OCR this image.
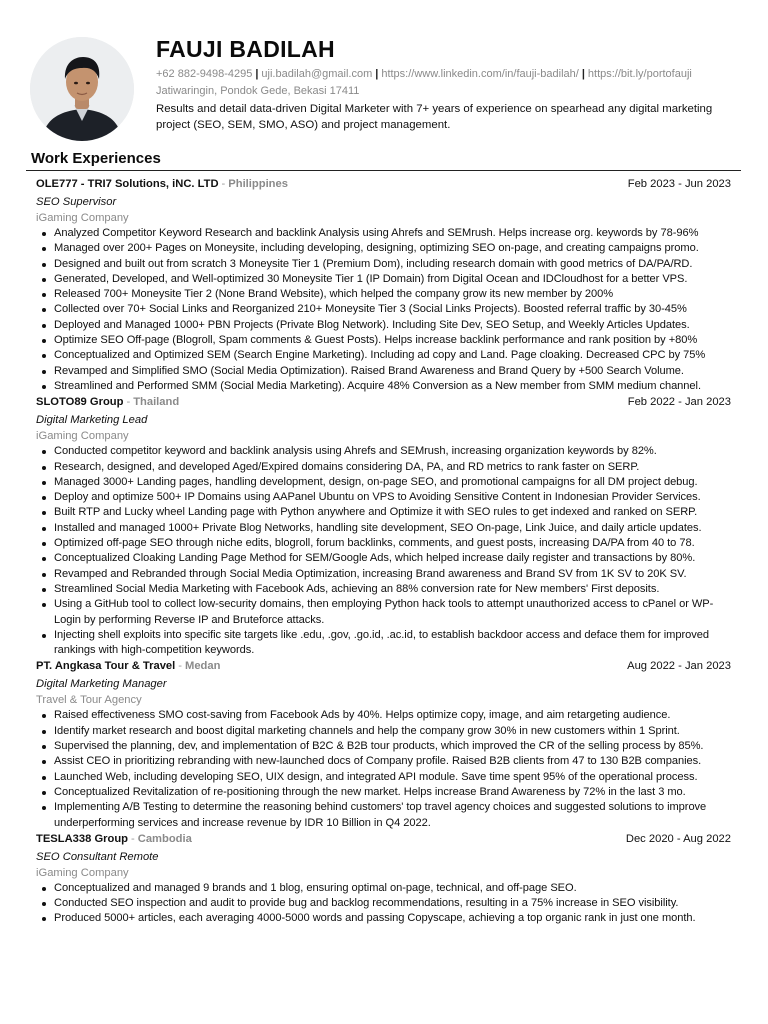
FAUJI BADILAH
+62 882-9498-4295 | uji.badilah@gmail.com | https://www.linkedin.com/in/fauji-badilah/ | https://bit.ly/portofauji
Jatiwaringin, Pondok Gede, Bekasi 17411
Results and detail data-driven Digital Marketer with 7+ years of experience on spearhead any digital marketing project (SEO, SEM, SMO, ASO) and project management.
Work Experiences
OLE777 - TRI7 Solutions, iNC. LTD - Philippines	Feb 2023 - Jun 2023
SEO Supervisor
iGaming Company
Analyzed Competitor Keyword Research and backlink Analysis using Ahrefs and SEMrush. Helps increase org. keywords by 78-96%
Managed over 200+ Pages on Moneysite, including developing, designing, optimizing SEO on-page, and creating campaigns promo.
Designed and built out from scratch 3 Moneysite Tier 1 (Premium Dom), including research domain with good metrics of DA/PA/RD.
Generated, Developed, and Well-optimized 30 Moneysite Tier 1 (IP Domain) from Digital Ocean and IDCloudhost for a better VPS.
Released 700+ Moneysite Tier 2 (None Brand Website), which helped the company grow its new member by 200%
Collected over 70+ Social Links and Reorganized 210+ Moneysite Tier 3 (Social Links Projects). Boosted referral traffic by 30-45%
Deployed and Managed 1000+ PBN Projects (Private Blog Network). Including Site Dev, SEO Setup, and Weekly Articles Updates.
Optimize SEO Off-page (Blogroll, Spam comments & Guest Posts). Helps increase backlink performance and rank position by +80%
Conceptualized and Optimized SEM (Search Engine Marketing). Including ad copy and Land. Page cloaking. Decreased CPC by 75%
Revamped and Simplified SMO (Social Media Optimization). Raised Brand Awareness and Brand Query by +500 Search Volume.
Streamlined and Performed SMM (Social Media Marketing). Acquire 48% Conversion as a New member from SMM medium channel.
SLOTO89 Group - Thailand	Feb 2022 - Jan 2023
Digital Marketing Lead
iGaming Company
Conducted competitor keyword and backlink analysis using Ahrefs and SEMrush, increasing organization keywords by 82%.
Research, designed, and developed Aged/Expired domains considering DA, PA, and RD metrics to rank faster on SERP.
Managed 3000+ Landing pages, handling development, design, on-page SEO, and promotional campaigns for all DM project debug.
Deploy and optimize 500+ IP Domains using AAPanel Ubuntu on VPS to Avoiding Sensitive Content in Indonesian Provider Services.
Built RTP and Lucky wheel Landing page with Python anywhere and Optimize it with SEO rules to get indexed and ranked on SERP.
Installed and managed 1000+ Private Blog Networks, handling site development, SEO On-page, Link Juice, and daily article updates.
Optimized off-page SEO through niche edits, blogroll, forum backlinks, comments, and guest posts, increasing DA/PA from 40 to 78.
Conceptualized Cloaking Landing Page Method for SEM/Google Ads, which helped increase daily register and transactions by 80%.
Revamped and Rebranded through Social Media Optimization, increasing Brand awareness and Brand SV from 1K SV to 20K SV.
Streamlined Social Media Marketing with Facebook Ads, achieving an 88% conversion rate for New members' First deposits.
Using a GitHub tool to collect low-security domains, then employing Python hack tools to attempt unauthorized access to cPanel or WP-Login by performing Reverse IP and Bruteforce attacks.
Injecting shell exploits into specific site targets like .edu, .gov, .go.id, .ac.id, to establish backdoor access and deface them for improved rankings with high-competition keywords.
PT. Angkasa Tour & Travel - Medan	Aug 2022 - Jan 2023
Digital Marketing Manager
Travel & Tour Agency
Raised effectiveness SMO cost-saving from Facebook Ads by 40%. Helps optimize copy, image, and aim retargeting audience.
Identify market research and boost digital marketing channels and help the company grow 30% in new customers within 1 Sprint.
Supervised the planning, dev, and implementation of B2C & B2B tour products, which improved the CR of the selling process by 85%.
Assist CEO in prioritizing rebranding with new-launched docs of Company profile. Raised B2B clients from 47 to 130 B2B companies.
Launched Web, including developing SEO, UIX design, and integrated API module. Save time spent 95% of the operational process.
Conceptualized Revitalization of re-positioning through the new market. Helps increase Brand Awareness by 72% in the last 3 mo.
Implementing A/B Testing to determine the reasoning behind customers' top travel agency choices and suggested solutions to improve underperforming services and increase revenue by IDR 10 Billion in Q4 2022.
TESLA338 Group - Cambodia	Dec 2020 - Aug 2022
SEO Consultant Remote
iGaming Company
Conceptualized and managed 9 brands and 1 blog, ensuring optimal on-page, technical, and off-page SEO.
Conducted SEO inspection and audit to provide bug and backlog recommendations, resulting in a 75% increase in SEO visibility.
Produced 5000+ articles, each averaging 4000-5000 words and passing Copyscape, achieving a top organic rank in just one month.
